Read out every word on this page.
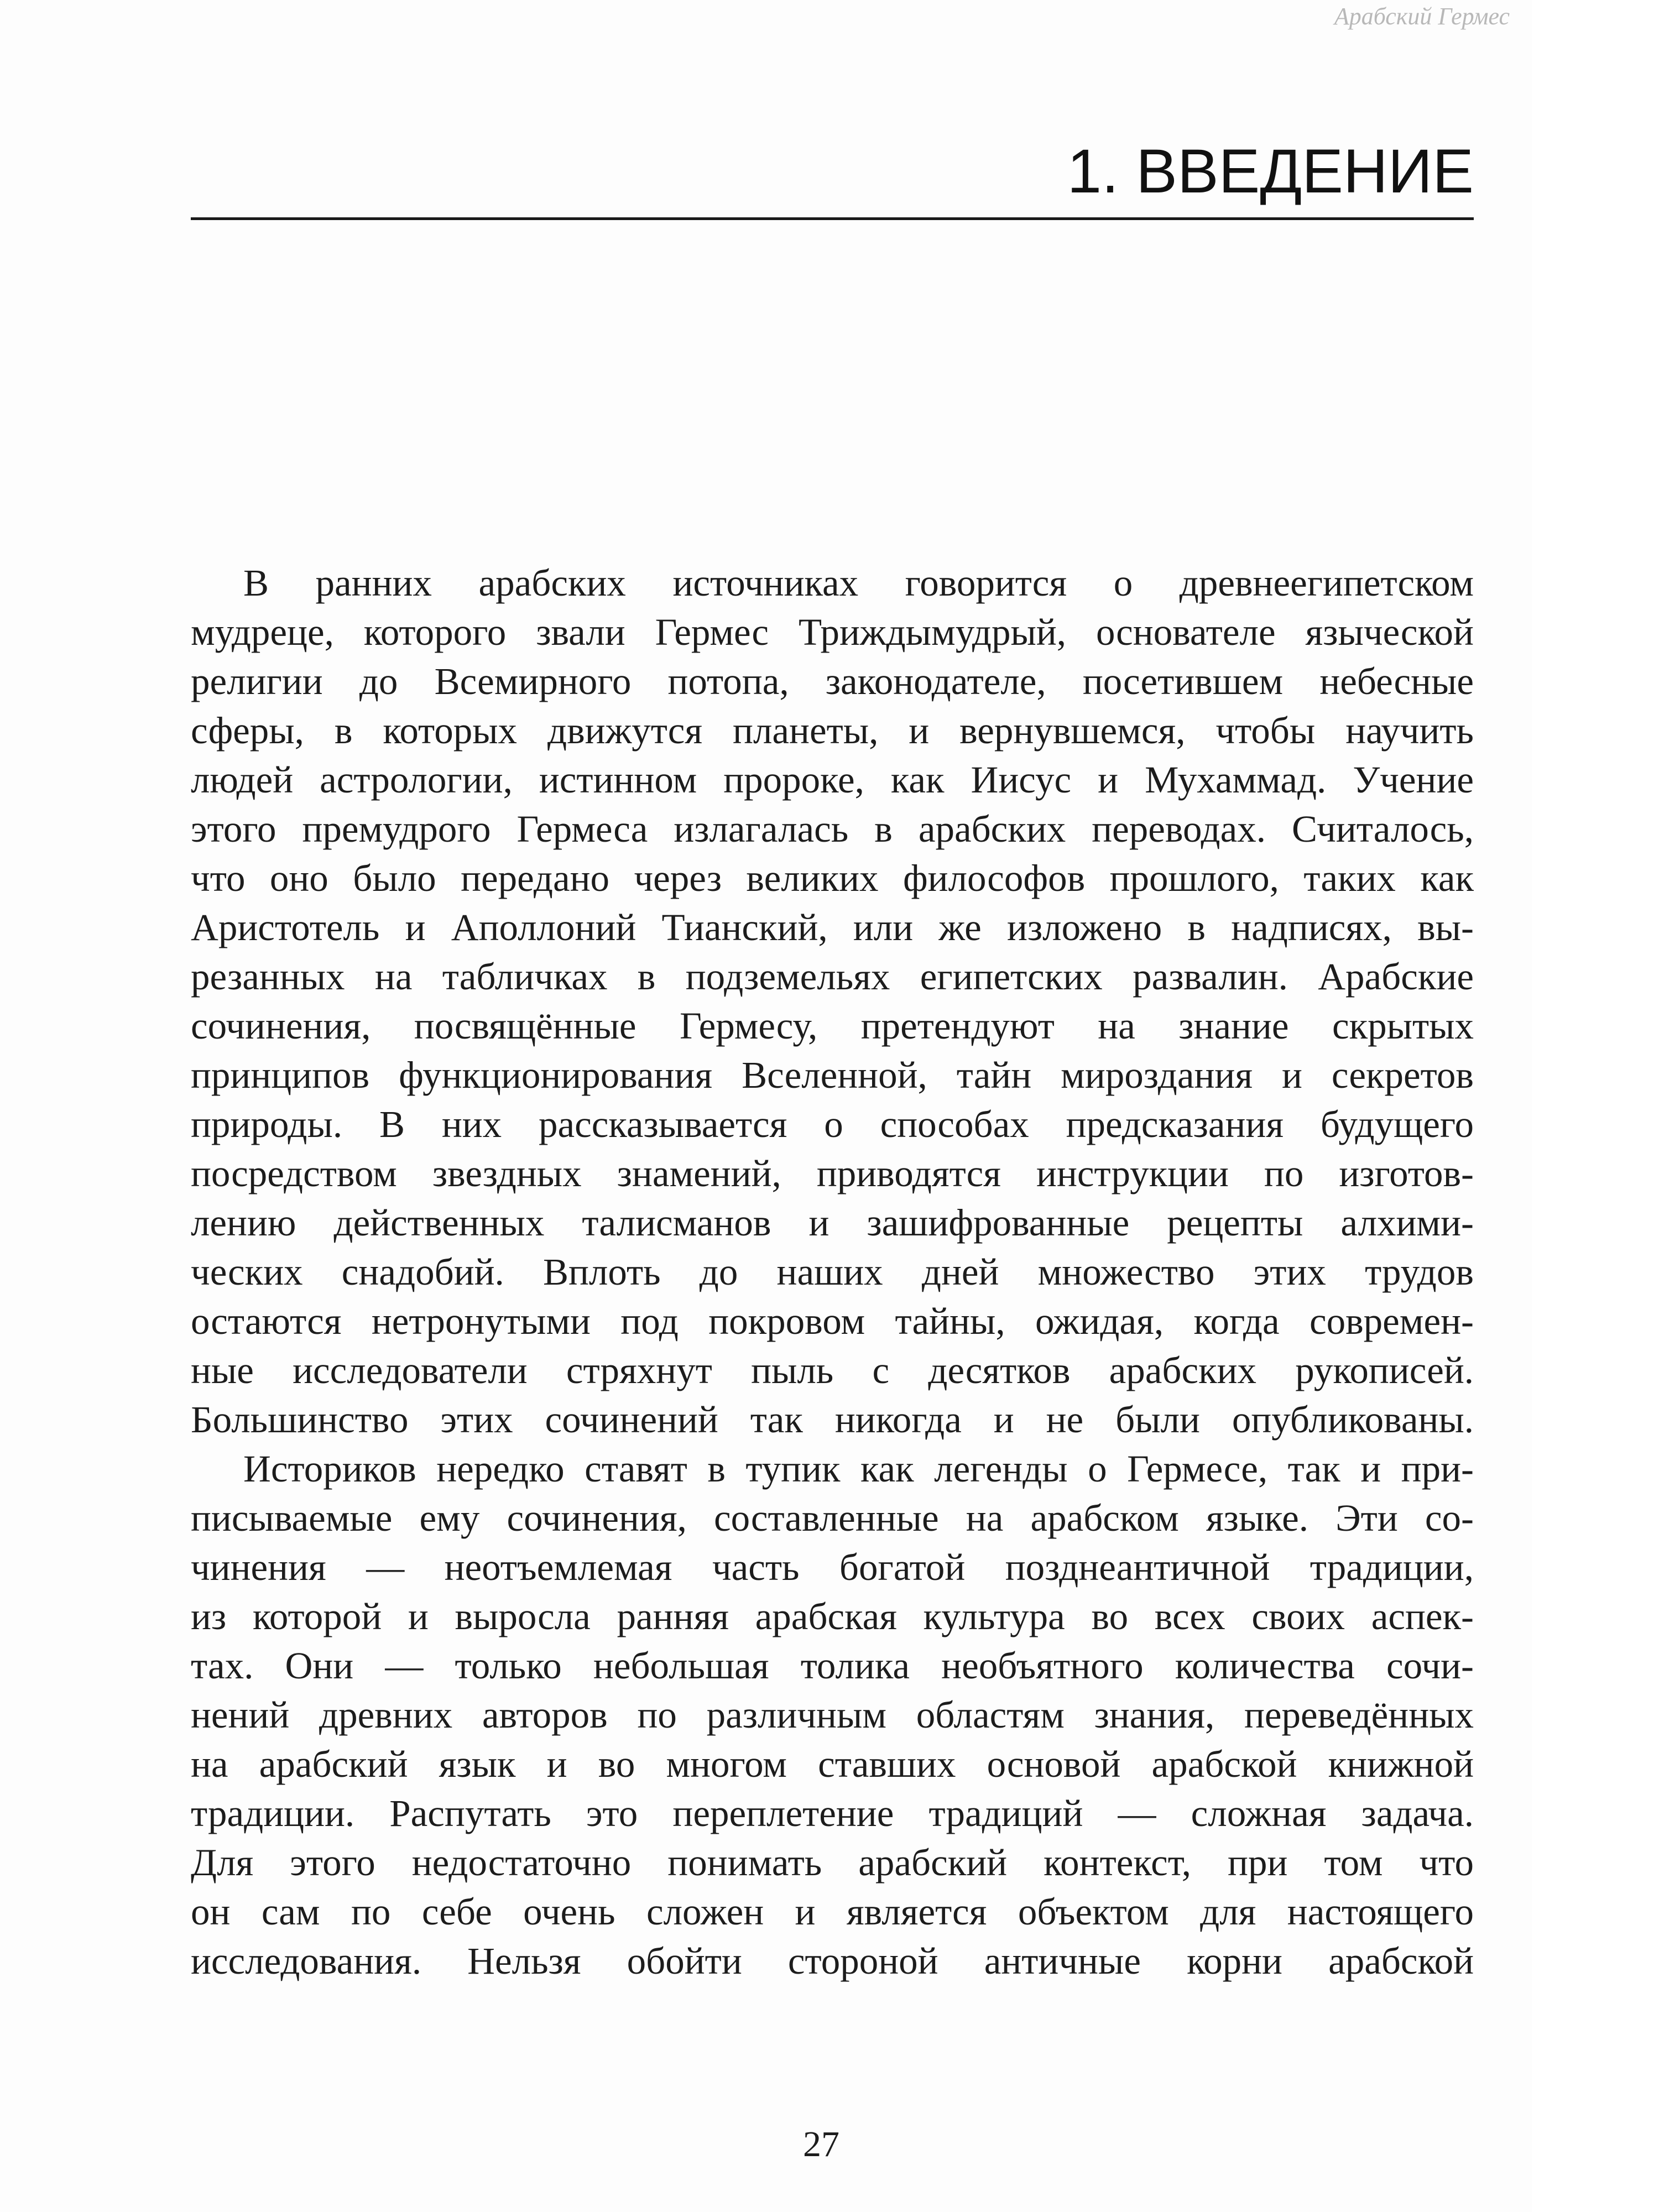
Арабский Гермес
1. ВВЕДЕНИЕ

В ранних арабских источниках говорится о древнеегипетском
мудреце, которого звали Гермес Триждымудрый, основателе языческой
религии до Всемирного потопа, законодателе, посетившем небесные
сферы, в которых движутся планеты, и вернувшемся, чтобы научить
людей астрологии, истинном пророке, как Иисус и Мухаммад. Учение
этого премудрого Гермеса излагалась в арабских переводах. Считалось,
что оно было передано через великих философов прошлого, таких как
Аристотель и Аполлоний Тианский, или же изложено в надписях, вы-
резанных на табличках в подземельях египетских развалин. Арабские
сочинения, посвящённые Гермесу, претендуют на знание скрытых
принципов функционирования Вселенной, тайн мироздания и секретов
природы. В них рассказывается о способах предсказания будущего
посредством звездных знамений, приводятся инструкции по изготов-
лению действенных талисманов и зашифрованные рецепты алхими-
ческих снадобий. Вплоть до наших дней множество этих трудов
остаются нетронутыми под покровом тайны, ожидая, когда современ-
ные исследователи стряхнут пыль с десятков арабских рукописей.
Большинство этих сочинений так никогда и не были опубликованы.

Историков нередко ставят в тупик как легенды о Гермесе, так и при-
писываемые ему сочинения, составленные на арабском языке. Эти со-
чинения — неотъемлемая часть богатой позднеантичной традиции,
из которой и выросла ранняя арабская культура во всех своих аспек-
тах. Они — только небольшая толика необъятного количества сочи-
нений древних авторов по различным областям знания, переведённых
на арабский язык и во многом ставших основой арабской книжной
традиции. Распутать это переплетение традиций — сложная задача.
Для этого недостаточно понимать арабский контекст, при том что
он сам по себе очень сложен и является объектом для настоящего
исследования. Нельзя обойти стороной античные корни арабской

27
